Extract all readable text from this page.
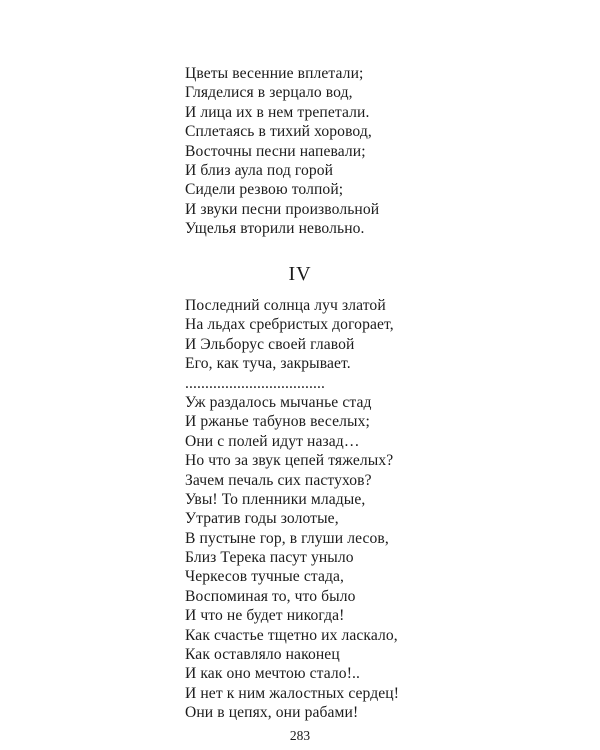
Цветы весенние вплетали;
Гляделися в зерцало вод,
И лица их в нем трепетали.
Сплетаясь в тихий хоровод,
Восточны песни напевали;
И близ аула под горой
Сидели резвою толпой;
И звуки песни произвольной
Ущелья вторили невольно.
IV
Последний солнца луч златой
На льдах сребристых догорает,
И Эльборус своей главой
Его, как туча, закрывает.
...................................
Уж раздалось мычанье стад
И ржанье табунов веселых;
Они с полей идут назад…
Но что за звук цепей тяжелых?
Зачем печаль сих пастухов?
Увы! То пленники младые,
Утратив годы золотые,
В пустыне гор, в глуши лесов,
Близ Терека пасут уныло
Черкесов тучные стада,
Воспоминая то, что было
И что не будет никогда!
Как счастье тщетно их ласкало,
Как оставляло наконец
И как оно мечтою стало!..
И нет к ним жалостных сердец!
Они в цепях, они рабами!
283
